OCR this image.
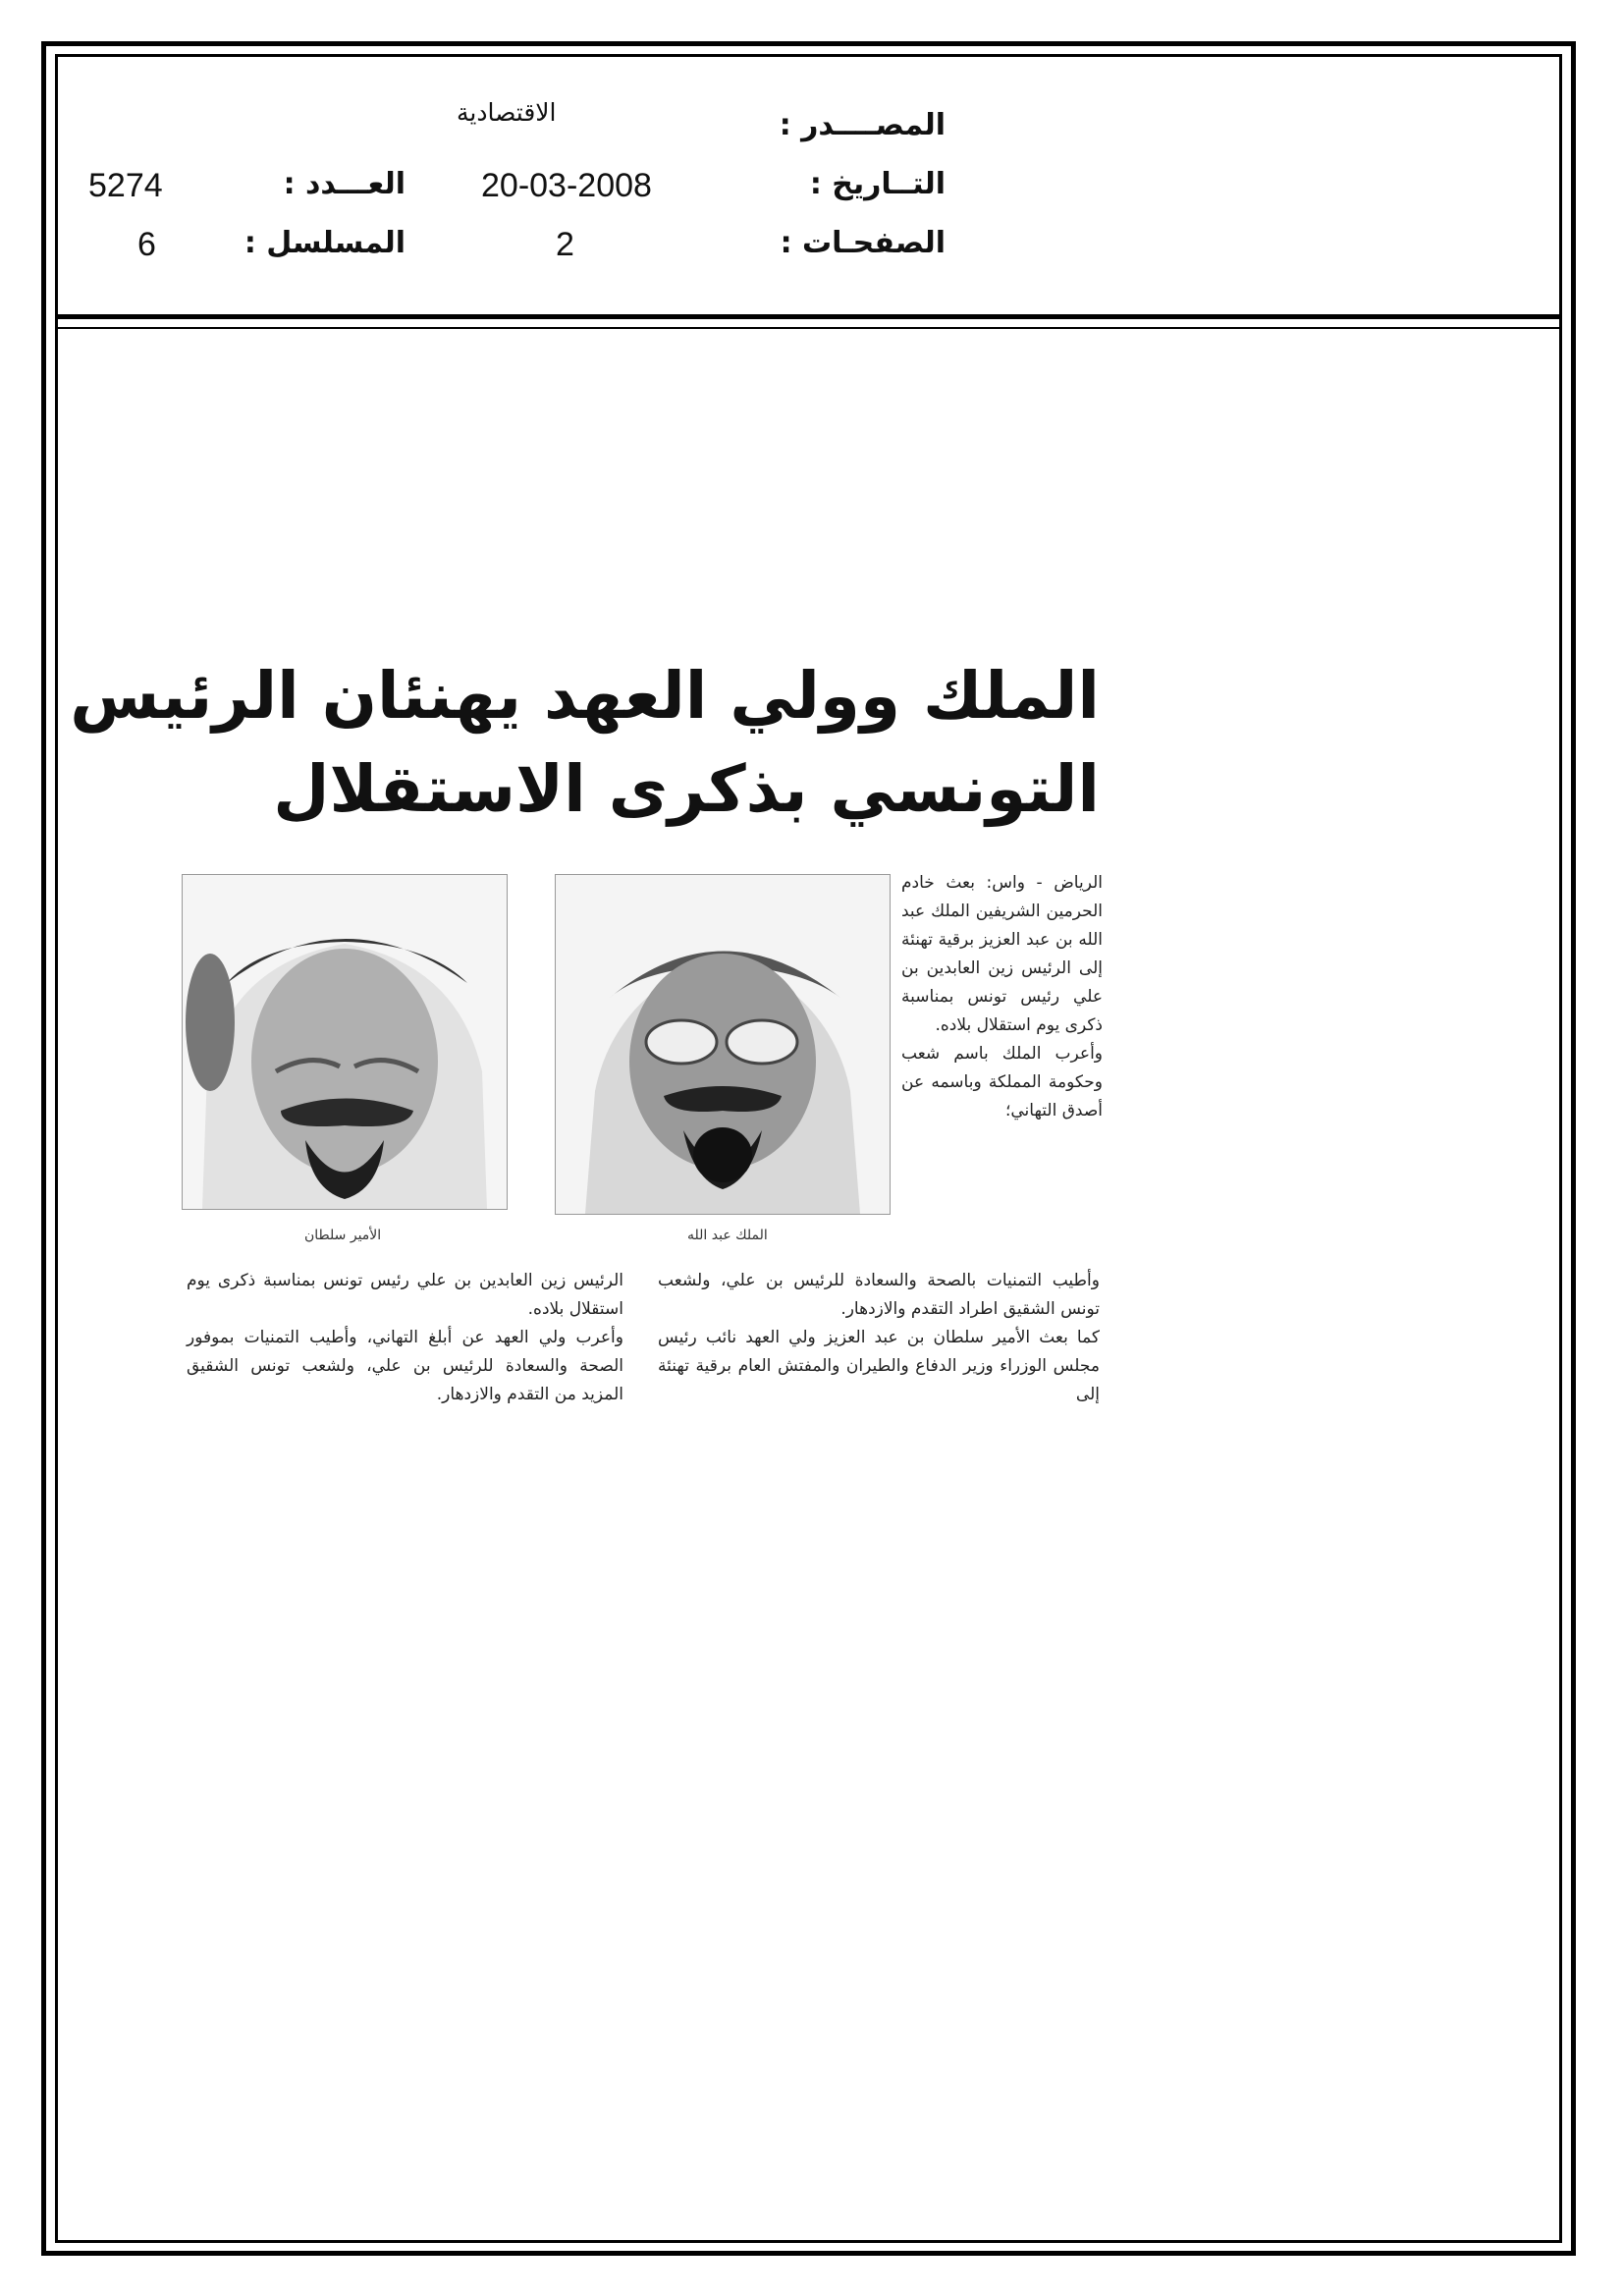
المصــــدر :
الاقتصادية
التــاريخ :
20-03-2008
العـــدد :
5274
الصفحـات :
2
المسلسل :
6
الملك وولي العهد يهنئان الرئيس
التونسي بذكرى الاستقلال
الملك عبد الله
الأمير سلطان

الرياض - واس: بعث خادم الحرمين الشريفين الملك عبد الله بن عبد العزيز برقية تهنئة إلى الرئيس زين العابدين بن علي رئيس تونس بمناسبة ذكرى يوم استقلال بلاده.

وأعرب الملك باسم شعب وحكومة المملكة وباسمه عن أصدق التهاني؛

وأطيب التمنيات بالصحة والسعادة للرئيس بن علي، ولشعب تونس الشقيق اطراد التقدم والازدهار.

كما بعث الأمير سلطان بن عبد العزيز ولي العهد نائب رئيس مجلس الوزراء وزير الدفاع والطيران والمفتش العام برقية تهنئة إلى

الرئيس زين العابدين بن علي رئيس تونس بمناسبة ذكرى يوم استقلال بلاده.

وأعرب ولي العهد عن أبلغ التهاني، وأطيب التمنيات بموفور الصحة والسعادة للرئيس بن علي، ولشعب تونس الشقيق المزيد من التقدم والازدهار.
